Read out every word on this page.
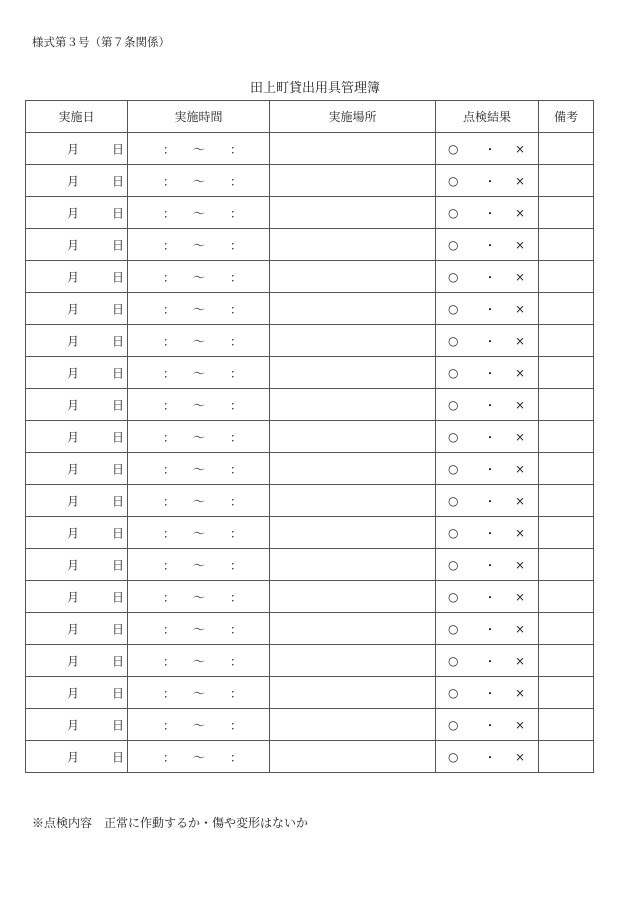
様式第３号（第７条関係）
田上町貸出用具管理簿
実施日	実施時間	実施場所	点検結果	備考

月 日	： 〜 ：		○ ・ ×	

月 日	： 〜 ：		○ ・ ×	

月 日	： 〜 ：		○ ・ ×	

月 日	： 〜 ：		○ ・ ×	

月 日	： 〜 ：		○ ・ ×	

月 日	： 〜 ：		○ ・ ×	

月 日	： 〜 ：		○ ・ ×	

月 日	： 〜 ：		○ ・ ×	

月 日	： 〜 ：		○ ・ ×	

月 日	： 〜 ：		○ ・ ×	

月 日	： 〜 ：		○ ・ ×	

月 日	： 〜 ：		○ ・ ×	

月 日	： 〜 ：		○ ・ ×	

月 日	： 〜 ：		○ ・ ×	

月 日	： 〜 ：		○ ・ ×	

月 日	： 〜 ：		○ ・ ×	

月 日	： 〜 ：		○ ・ ×	

月 日	： 〜 ：		○ ・ ×	

月 日	： 〜 ：		○ ・ ×	

月 日	： 〜 ：		○ ・ ×	

※点検内容　正常に作動するか・傷や変形はないか
